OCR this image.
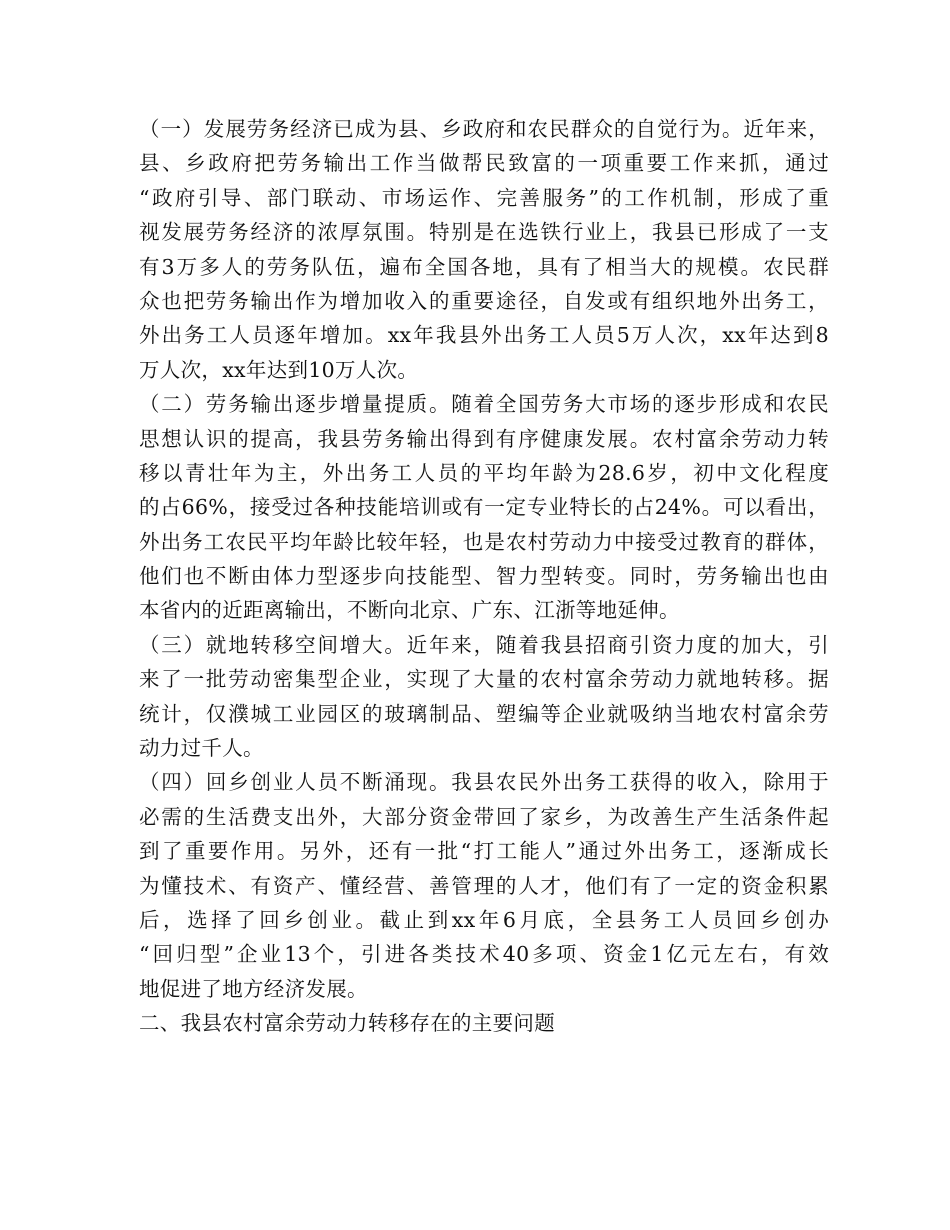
（一）发展劳务经济已成为县、乡政府和农民群众的自觉行为。近年来，
县、乡政府把劳务输出工作当做帮民致富的一项重要工作来抓，通过
“政府引导、部门联动、市场运作、完善服务”的工作机制，形成了重
视发展劳务经济的浓厚氛围。特别是在选铁行业上，我县已形成了一支
有3万多人的劳务队伍，遍布全国各地，具有了相当大的规模。农民群
众也把劳务输出作为增加收入的重要途径，自发或有组织地外出务工，
外出务工人员逐年增加。xx年我县外出务工人员5万人次，xx年达到8
万人次，xx年达到10万人次。
（二）劳务输出逐步增量提质。随着全国劳务大市场的逐步形成和农民
思想认识的提高，我县劳务输出得到有序健康发展。农村富余劳动力转
移以青壮年为主，外出务工人员的平均年龄为28.6岁，初中文化程度
的占66%，接受过各种技能培训或有一定专业特长的占24%。可以看出，
外出务工农民平均年龄比较年轻，也是农村劳动力中接受过教育的群体，
他们也不断由体力型逐步向技能型、智力型转变。同时，劳务输出也由
本省内的近距离输出，不断向北京、广东、江浙等地延伸。
（三）就地转移空间增大。近年来，随着我县招商引资力度的加大，引
来了一批劳动密集型企业，实现了大量的农村富余劳动力就地转移。据
统计，仅濮城工业园区的玻璃制品、塑编等企业就吸纳当地农村富余劳
动力过千人。
（四）回乡创业人员不断涌现。我县农民外出务工获得的收入，除用于
必需的生活费支出外，大部分资金带回了家乡，为改善生产生活条件起
到了重要作用。另外，还有一批“打工能人”通过外出务工，逐渐成长
为懂技术、有资产、懂经营、善管理的人才，他们有了一定的资金积累
后，选择了回乡创业。截止到xx年6月底，全县务工人员回乡创办
“回归型”企业13个，引进各类技术40多项、资金1亿元左右，有效
地促进了地方经济发展。
二、我县农村富余劳动力转移存在的主要问题
